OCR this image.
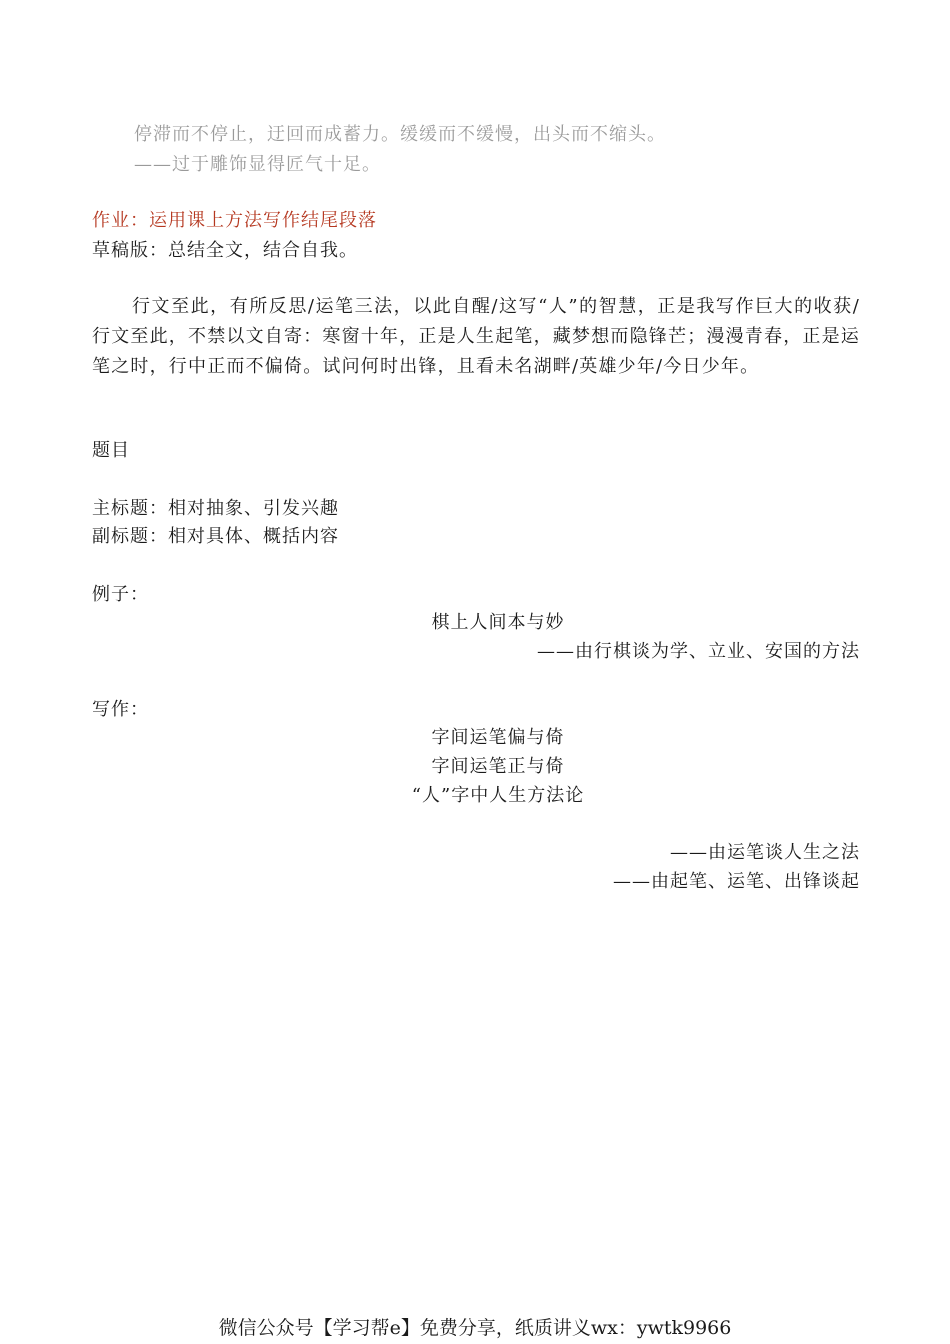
停滞而不停止，迂回而成蓄力。缓缓而不缓慢，出头而不缩头。
——过于雕饰显得匠气十足。
作业：运用课上方法写作结尾段落
草稿版：总结全文，结合自我。
行文至此，有所反思/运笔三法，以此自醒/这写“人”的智慧，正是我写作巨大的收获/行文至此，不禁以文自寄：寒窗十年，正是人生起笔，藏梦想而隐锋芒；漫漫青春，正是运笔之时，行中正而不偏倚。试问何时出锋，且看未名湖畔/英雄少年/今日少年。
题目
主标题：相对抽象、引发兴趣
副标题：相对具体、概括内容
例子：
棋上人间本与妙
——由行棋谈为学、立业、安国的方法
写作：
字间运笔偏与倚
字间运笔正与倚
“人”字中人生方法论
——由运笔谈人生之法
——由起笔、运笔、出锋谈起
微信公众号【学习帮e】免费分享，纸质讲义wx：ywtk9966
